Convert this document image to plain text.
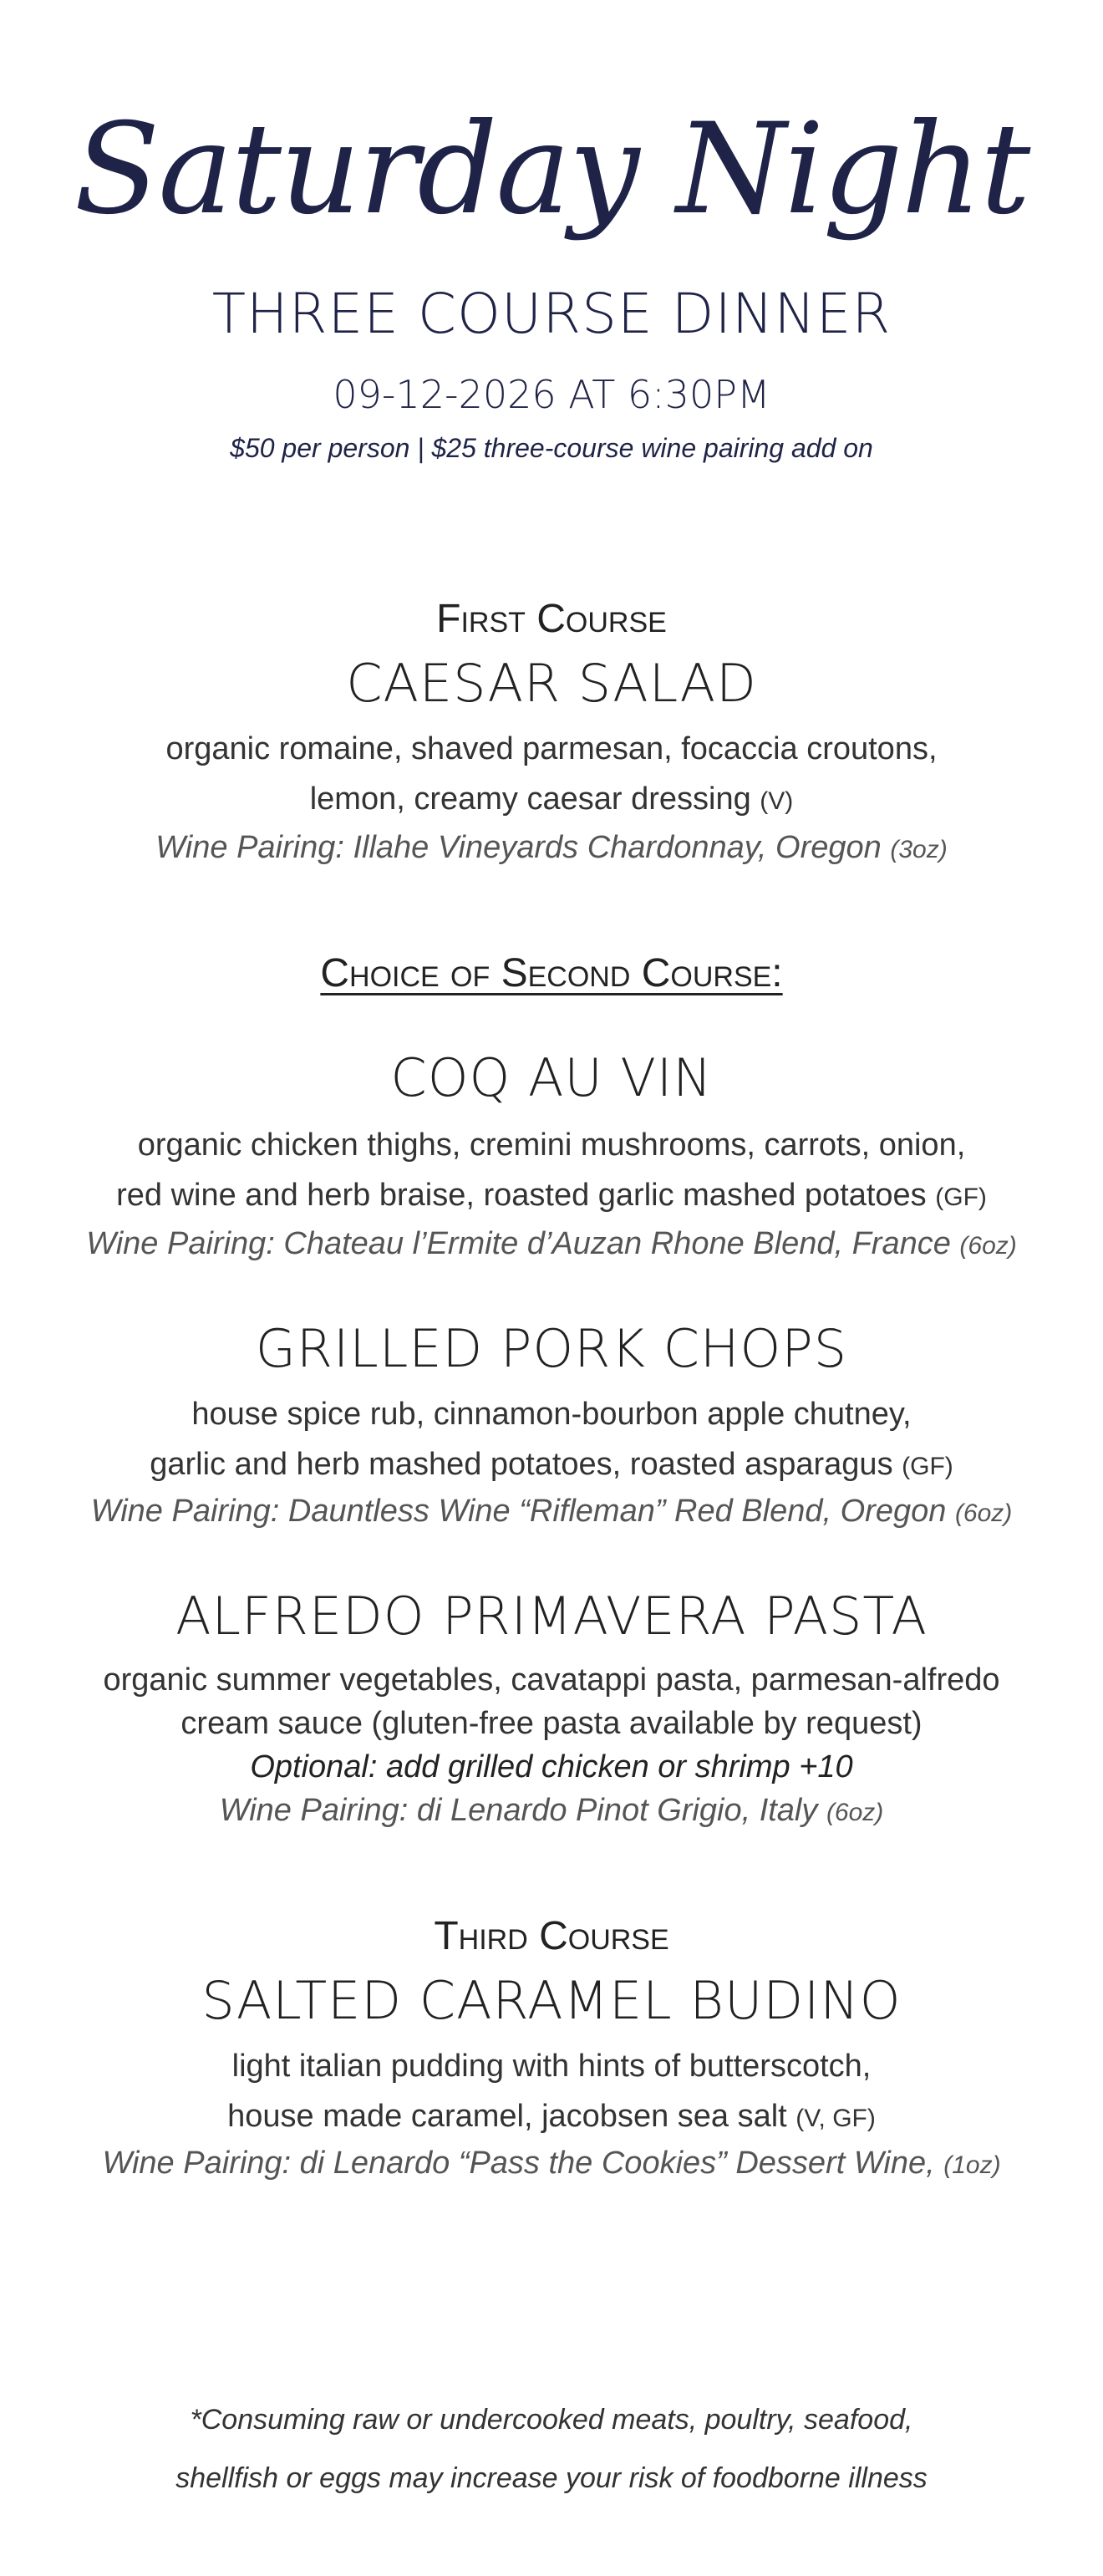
Saturday Night
THREE COURSE DINNER
09-12-2026 AT 6:30PM
$50 per person | $25 three-course wine pairing add on
First Course
CAESAR SALAD
organic romaine, shaved parmesan, focaccia croutons,
lemon, creamy caesar dressing (V)
Wine Pairing: Illahe Vineyards Chardonnay, Oregon (3oz)
Choice of Second Course:
COQ AU VIN
organic chicken thighs, cremini mushrooms, carrots, onion,
red wine and herb braise, roasted garlic mashed potatoes (GF)
Wine Pairing: Chateau l’Ermite d’Auzan Rhone Blend, France (6oz)
GRILLED PORK CHOPS
house spice rub, cinnamon-bourbon apple chutney,
garlic and herb mashed potatoes, roasted asparagus (GF)
Wine Pairing: Dauntless Wine “Rifleman” Red Blend, Oregon (6oz)
ALFREDO PRIMAVERA PASTA
organic summer vegetables, cavatappi pasta, parmesan-alfredo
cream sauce (gluten-free pasta available by request)
Optional: add grilled chicken or shrimp +10
Wine Pairing: di Lenardo Pinot Grigio, Italy (6oz)
Third Course
SALTED CARAMEL BUDINO
light italian pudding with hints of butterscotch,
house made caramel, jacobsen sea salt (V, GF)
Wine Pairing: di Lenardo “Pass the Cookies” Dessert Wine, (1oz)
*Consuming raw or undercooked meats, poultry, seafood,
shellfish or eggs may increase your risk of foodborne illness
